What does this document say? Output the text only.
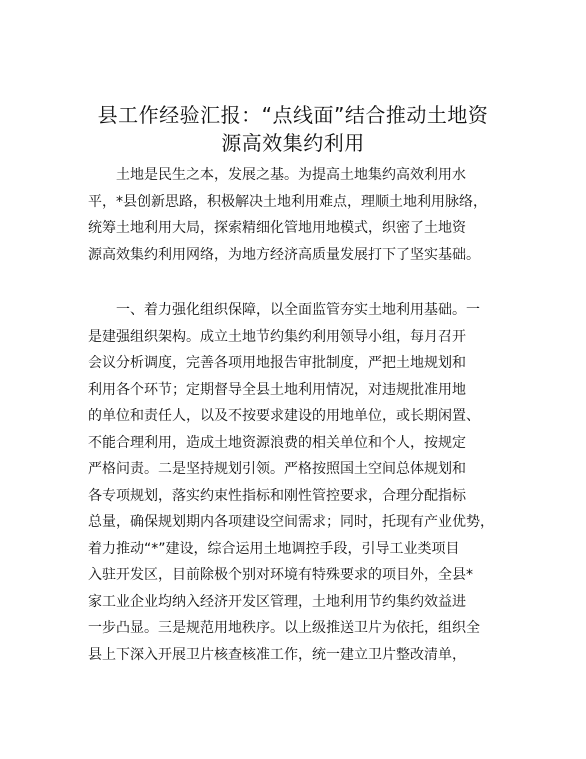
县工作经验汇报：“点线面”结合推动土地资
源高效集约利用

土地是民生之本，发展之基。为提高土地集约高效利用水
平，*县创新思路，积极解决土地利用难点，理顺土地利用脉络，
统筹土地利用大局，探索精细化管地用地模式，织密了土地资
源高效集约利用网络，为地方经济高质量发展打下了坚实基础。

一、着力强化组织保障，以全面监管夯实土地利用基础。一
是建强组织架构。成立土地节约集约利用领导小组，每月召开
会议分析调度，完善各项用地报告审批制度，严把土地规划和
利用各个环节；定期督导全县土地利用情况，对违规批准用地
的单位和责任人，以及不按要求建设的用地单位，或长期闲置、
不能合理利用，造成土地资源浪费的相关单位和个人，按规定
严格问责。二是坚持规划引领。严格按照国土空间总体规划和
各专项规划，落实约束性指标和刚性管控要求，合理分配指标
总量，确保规划期内各项建设空间需求；同时，托现有产业优势，
着力推动“*”建设，综合运用土地调控手段，引导工业类项目
入驻开发区，目前除极个别对环境有特殊要求的项目外，全县*
家工业企业均纳入经济开发区管理，土地利用节约集约效益进
一步凸显。三是规范用地秩序。以上级推送卫片为依托，组织全
县上下深入开展卫片核查核准工作，统一建立卫片整改清单，
